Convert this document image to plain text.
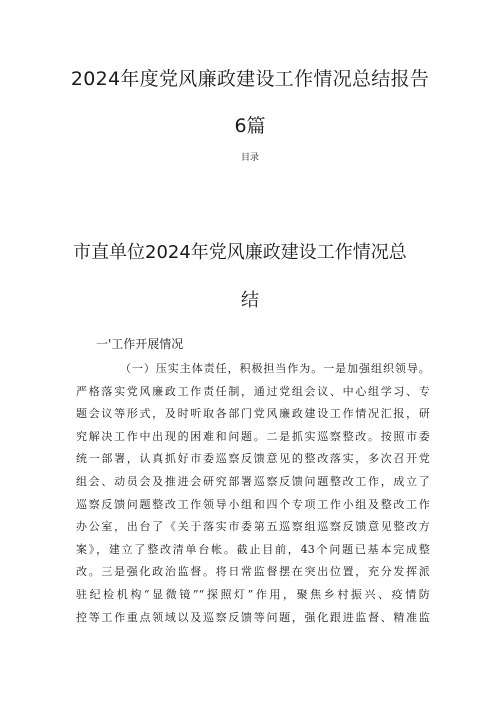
2024年度党风廉政建设工作情况总结报告
6篇
目录
市直单位2024年党风廉政建设工作情况总
结
一'工作开展情况
（一）压实主体责任，积极担当作为。一是加强组织领导。
严格落实党风廉政工作责任制，通过党组会议、中心组学习、专
题会议等形式，及时听取各部门党风廉政建设工作情况汇报，研
究解决工作中出现的困难和问题。二是抓实巡察整改。按照市委
统一部署，认真抓好市委巡察反馈意见的整改落实，多次召开党
组会、动员会及推进会研究部署巡察反馈问题整改工作，成立了
巡察反馈问题整改工作领导小组和四个专项工作小组及整改工作
办公室，出台了《关于落实市委第五巡察组巡察反馈意见整改方
案》，建立了整改清单台帐。截止目前，43个问题已基本完成整
改。三是强化政治监督。将日常监督摆在突出位置，充分发挥派
驻纪检机构“显微镜”“探照灯”作用，聚焦乡村振兴、疫情防
控等工作重点领域以及巡察反馈等问题，强化跟进监督、精准监
